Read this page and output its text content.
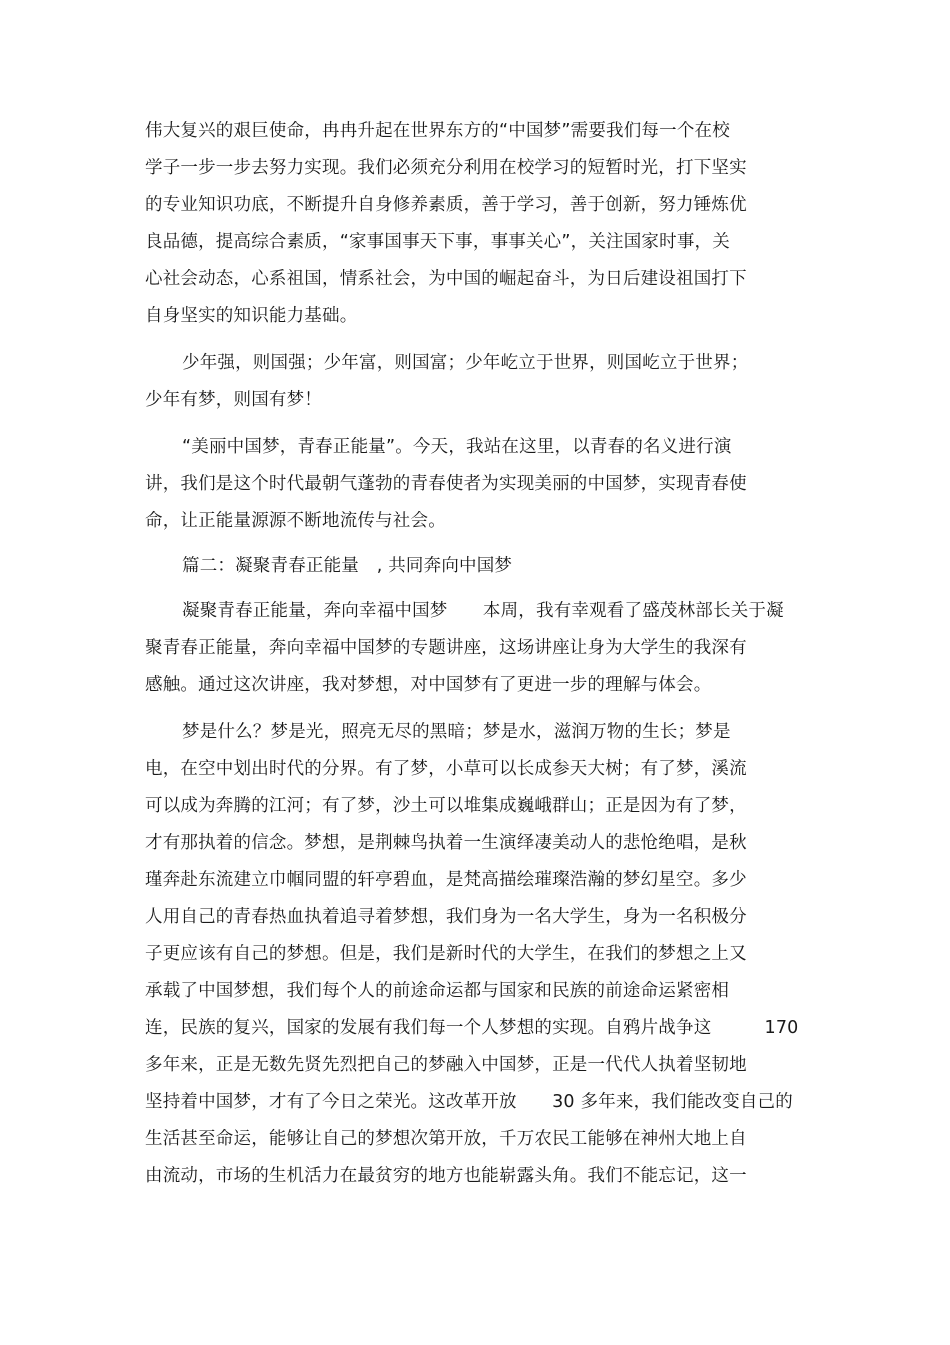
伟大复兴的艰巨使命，冉冉升起在世界东方的“中国梦”需要我们每一个在校
学子一步一步去努力实现。我们必须充分利用在校学习的短暂时光，打下坚实
的专业知识功底，不断提升自身修养素质，善于学习，善于创新，努力锤炼优
良品德，提高综合素质，“家事国事天下事，事事关心”，关注国家时事，关
心社会动态，心系祖国，情系社会，为中国的崛起奋斗，为日后建设祖国打下
自身坚实的知识能力基础。
少年强，则国强；少年富，则国富；少年屹立于世界，则国屹立于世界；
少年有梦，则国有梦！
“美丽中国梦，青春正能量”。今天，我站在这里，以青春的名义进行演
讲，我们是这个时代最朝气蓬勃的青春使者为实现美丽的中国梦，实现青春使
命，让正能量源源不断地流传与社会。
篇二：凝聚青春正能量　, 共同奔向中国梦
凝聚青春正能量，奔向幸福中国梦　　本周，我有幸观看了盛茂林部长关于凝
聚青春正能量，奔向幸福中国梦的专题讲座，这场讲座让身为大学生的我深有
感触。通过这次讲座，我对梦想，对中国梦有了更进一步的理解与体会。
梦是什么？梦是光，照亮无尽的黑暗；梦是水，滋润万物的生长；梦是
电，在空中划出时代的分界。有了梦，小草可以长成参天大树；有了梦，溪流
可以成为奔腾的江河；有了梦，沙土可以堆集成巍峨群山；正是因为有了梦，
才有那执着的信念。梦想，是荆棘鸟执着一生演绎凄美动人的悲怆绝唱，是秋
瑾奔赴东流建立巾帼同盟的轩亭碧血，是梵高描绘璀璨浩瀚的梦幻星空。多少
人用自己的青春热血执着追寻着梦想，我们身为一名大学生，身为一名积极分
子更应该有自己的梦想。但是，我们是新时代的大学生，在我们的梦想之上又
承载了中国梦想，我们每个人的前途命运都与国家和民族的前途命运紧密相
连，民族的复兴，国家的发展有我们每一个人梦想的实现。自鸦片战争这　　　170
多年来，正是无数先贤先烈把自己的梦融入中国梦，正是一代代人执着坚韧地
坚持着中国梦，才有了今日之荣光。这改革开放　　30 多年来，我们能改变自己的
生活甚至命运，能够让自己的梦想次第开放，千万农民工能够在神州大地上自
由流动，市场的生机活力在最贫穷的地方也能崭露头角。我们不能忘记，这一
